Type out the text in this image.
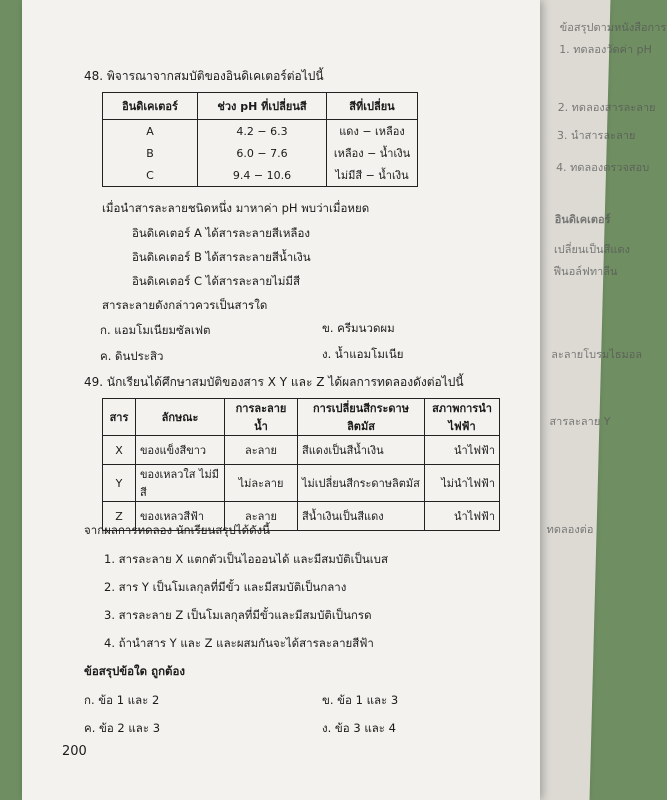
ข้อสรุปตามหนังสือการ
1. ทดลองวัดค่า pH
2. ทดลองสารละลาย
3. นำสารละลาย
4. ทดลองตรวจสอบ
อินดิเคเตอร์
เปลี่ยนเป็นสีแดง
ฟีนอล์ฟทาลีน
ละลายโบรมไธมอล
สารละลาย Y
ทดลองต่อ
48. พิจารณาจากสมบัติของอินดิเคเตอร์ต่อไปนี้
อินดิเคเตอร์	ช่วง pH ที่เปลี่ยนสี	สีที่เปลี่ยน
A	4.2 − 6.3	แดง − เหลือง
B	6.0 − 7.6	เหลือง − น้ำเงิน
C	9.4 − 10.6	ไม่มีสี − น้ำเงิน
เมื่อนำสารละลายชนิดหนึ่ง มาหาค่า pH พบว่าเมื่อหยด
อินดิเคเตอร์ A ได้สารละลายสีเหลือง
อินดิเคเตอร์ B ได้สารละลายสีน้ำเงิน
อินดิเคเตอร์ C ได้สารละลายไม่มีสี
สารละลายดังกล่าวควรเป็นสารใด
ก. แอมโมเนียมซัลเฟต	ข. ครีมนวดผม
ค. ดินประสิว	ง. น้ำแอมโมเนีย
49. นักเรียนได้ศึกษาสมบัติของสาร X Y และ Z ได้ผลการทดลองดังต่อไปนี้
สาร	ลักษณะ	การละลายน้ำ	การเปลี่ยนสีกระดาษลิตมัส	สภาพการนำไฟฟ้า
X	ของแข็งสีขาว	ละลาย	สีแดงเป็นสีน้ำเงิน	นำไฟฟ้า
Y	ของเหลวใส ไม่มีสี	ไม่ละลาย	ไม่เปลี่ยนสีกระดาษลิตมัส	ไม่นำไฟฟ้า
Z	ของเหลวสีฟ้า	ละลาย	สีน้ำเงินเป็นสีแดง	นำไฟฟ้า
จากผลการทดลอง นักเรียนสรุปได้ดังนี้
1. สารละลาย X แตกตัวเป็นไอออนได้ และมีสมบัติเป็นเบส
2. สาร Y เป็นโมเลกุลที่มีขั้ว และมีสมบัติเป็นกลาง
3. สารละลาย Z เป็นโมเลกุลที่มีขั้วและมีสมบัติเป็นกรด
4. ถ้านำสาร Y และ Z และผสมกันจะได้สารละลายสีฟ้า
ข้อสรุปข้อใด ถูกต้อง
ก. ข้อ 1 และ 2	ข. ข้อ 1 และ 3
ค. ข้อ 2 และ 3	ง. ข้อ 3 และ 4
200
